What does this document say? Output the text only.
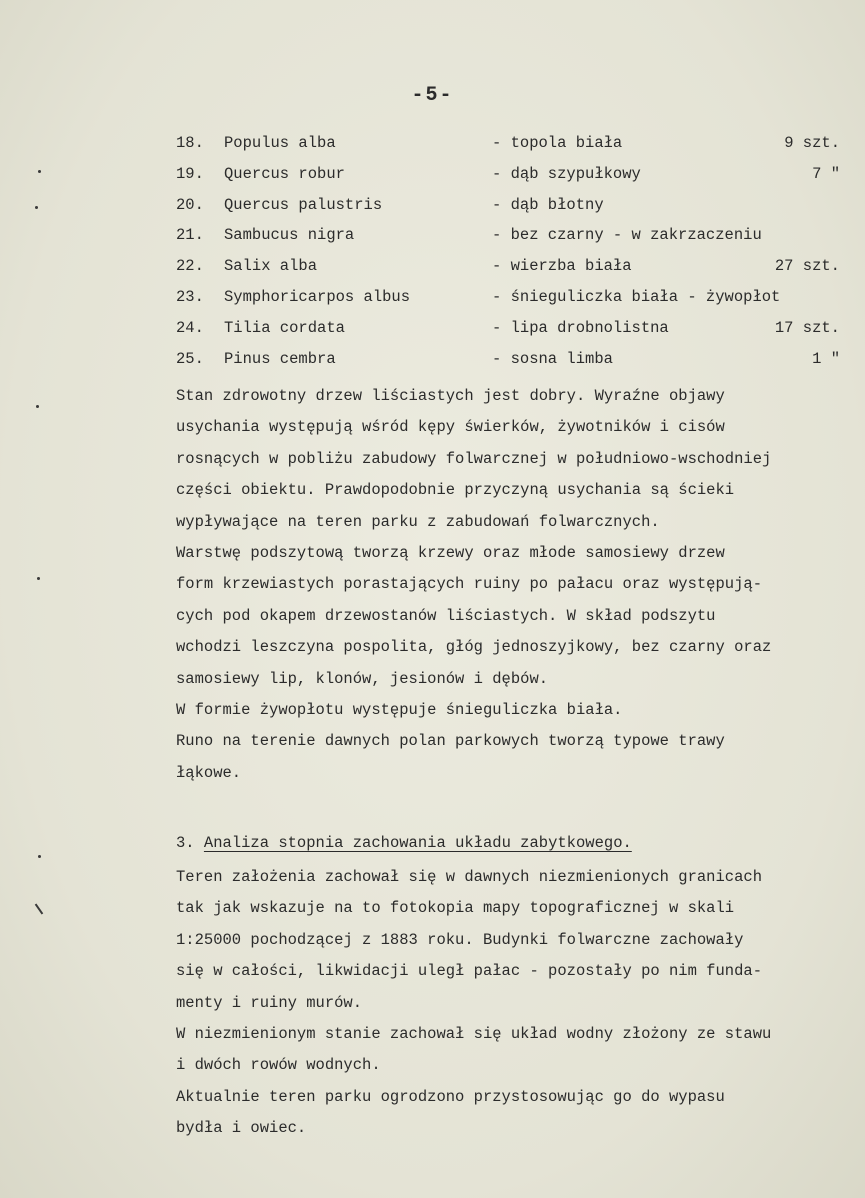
-5-
18. Populus alba	- topola biała	9 szt.
19. Quercus robur	- dąb szypułkowy	7 "
20. Quercus palustris	- dąb błotny
21. Sambucus nigra	- bez czarny - w zakrzaczeniu
22. Salix alba	- wierzba biała	27 szt.
23. Symphoricarpos albus	- śnieguliczka biała - żywopłot
24. Tilia cordata	- lipa drobnolistna	17 szt.
25. Pinus cembra	- sosna limba	1 "
Stan zdrowotny drzew liściastych jest dobry. Wyraźne objawy
usychania występują wśród kępy świerków, żywotników i cisów
rosnących w pobliżu zabudowy folwarcznej w południowo-wschodniej
części obiektu. Prawdopodobnie przyczyną usychania są ścieki
wypływające na teren parku z zabudowań folwarcznych.
Warstwę podszytową tworzą krzewy oraz młode samosiewy drzew
form krzewiastych porastających ruiny po pałacu oraz występują-
cych pod okapem drzewostanów liściastych. W skład podszytu
wchodzi leszczyna pospolita, głóg jednoszyjkowy, bez czarny oraz
samosiewy lip, klonów, jesionów i dębów.
W formie żywopłotu występuje śnieguliczka biała.
Runo na terenie dawnych polan parkowych tworzą typowe trawy
łąkowe.
3. Analiza stopnia zachowania układu zabytkowego.
Teren założenia zachował się w dawnych niezmienionych granicach
tak jak wskazuje na to fotokopia mapy topograficznej w skali
1:25000 pochodzącej z 1883 roku. Budynki folwarczne zachowały
się w całości, likwidacji uległ pałac - pozostały po nim funda-
menty i ruiny murów.
W niezmienionym stanie zachował się układ wodny złożony ze stawu
i dwóch rowów wodnych.
Aktualnie teren parku ogrodzono przystosowując go do wypasu
bydła i owiec.
